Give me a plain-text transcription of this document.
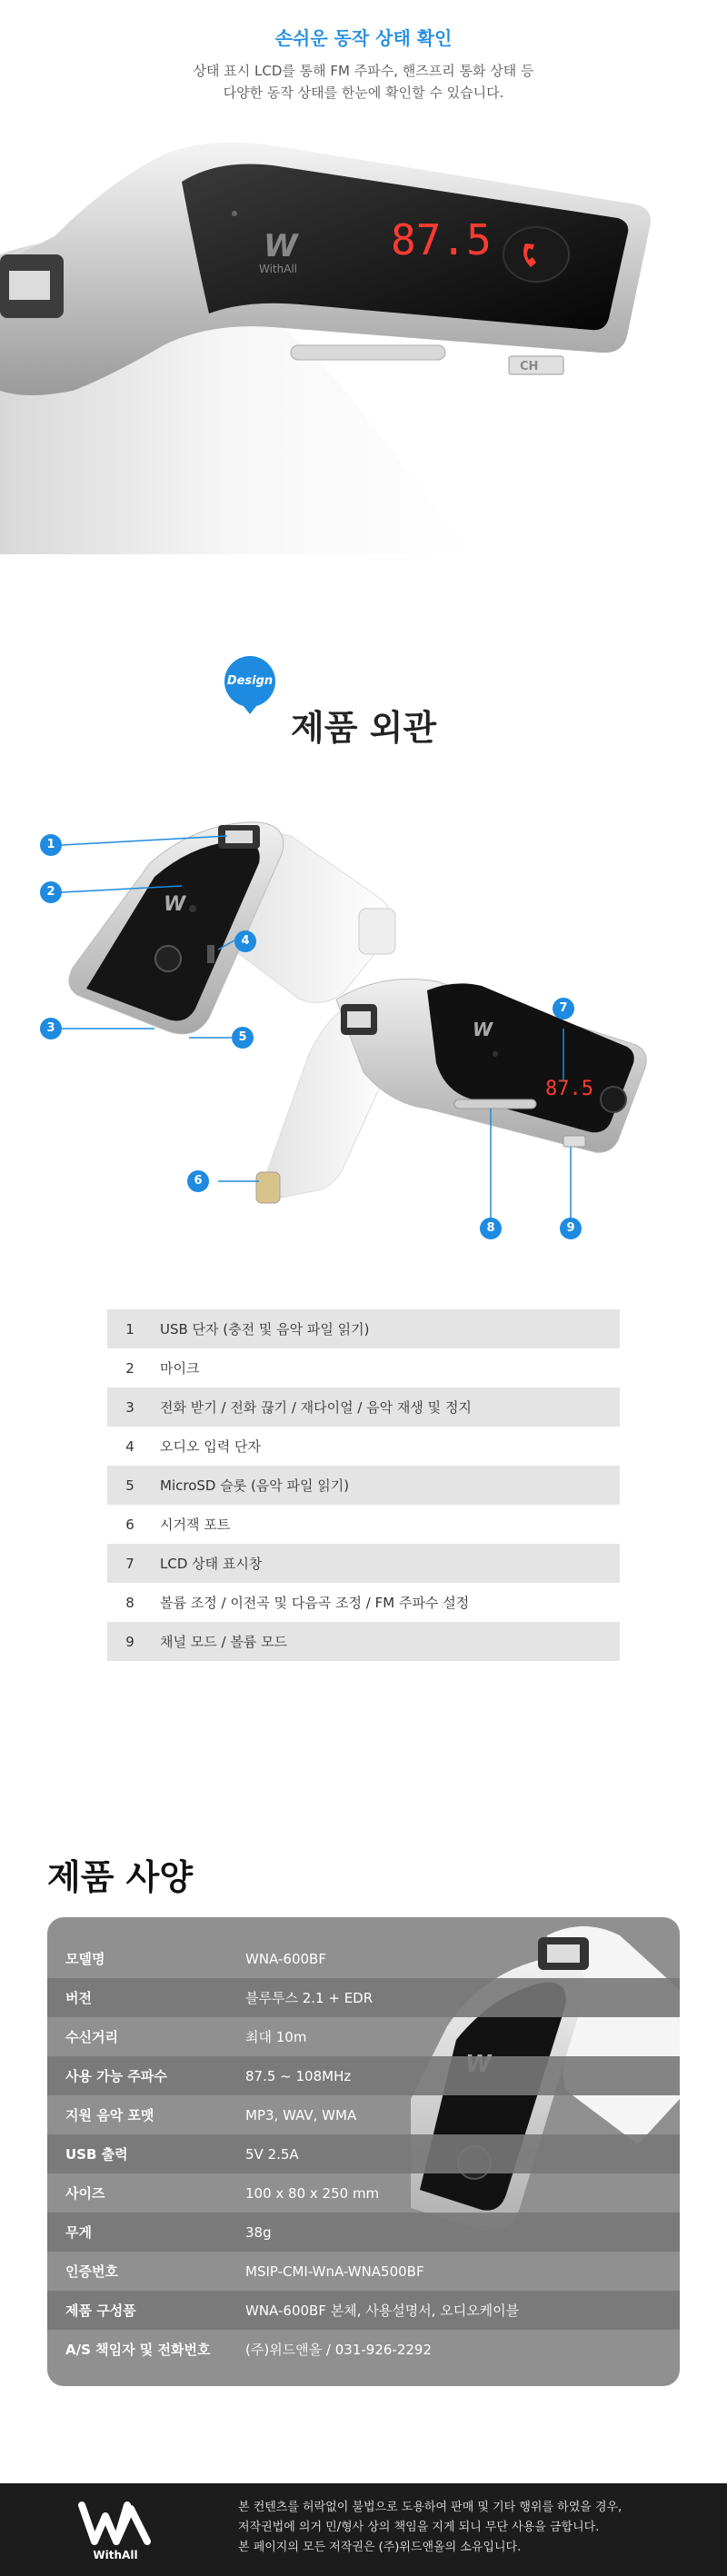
손쉬운 동작 상태 확인
상태 표시 LCD를 통해 FM 주파수, 핸즈프리 통화 상태 등
다양한 동작 상태를 한눈에 확인할 수 있습니다.
W
WithAll
87.5
CH
Design
제품 외관
W
87.5
W
1
2
3
4
5
6
7
8	9
1	USB 단자 (충전 및 음악 파일 읽기)
2	마이크
3	전화 받기 / 전화 끊기 / 재다이얼 / 음악 재생 및 정지
4	오디오 입력 단자
5	MicroSD 슬롯 (음악 파일 읽기)
6	시거잭 포트
7	LCD 상태 표시창
8	볼륨 조정 / 이전곡 및 다음곡 조정 / FM 주파수 설정
9	채널 모드 / 볼륨 모드
제품 사양
모델명	WNA-600BF
버전	블루투스 2.1 + EDR
수신거리	최대 10m
사용 가능 주파수	87.5 ~ 108MHz
지원 음악 포맷	MP3, WAV, WMA
USB 출력	5V 2.5A
사이즈	100 x 80 x 250 mm
무게	38g
인증번호	MSIP-CMI-WnA-WNA500BF
제품 구성품	WNA-600BF 본체, 사용설명서, 오디오케이블
A/S 책임자 및 전화번호	(주)위드앤올 / 031-926-2292
WithAll
본 컨텐츠를 허락없이 불법으로 도용하여 판매 및 기타 행위를 하였을 경우,
저작권법에 의거 민/형사 상의 책임을 지게 되니 무단 사용을 금합니다.
본 페이지의 모든 저작권은 (주)위드앤올의 소유입니다.
